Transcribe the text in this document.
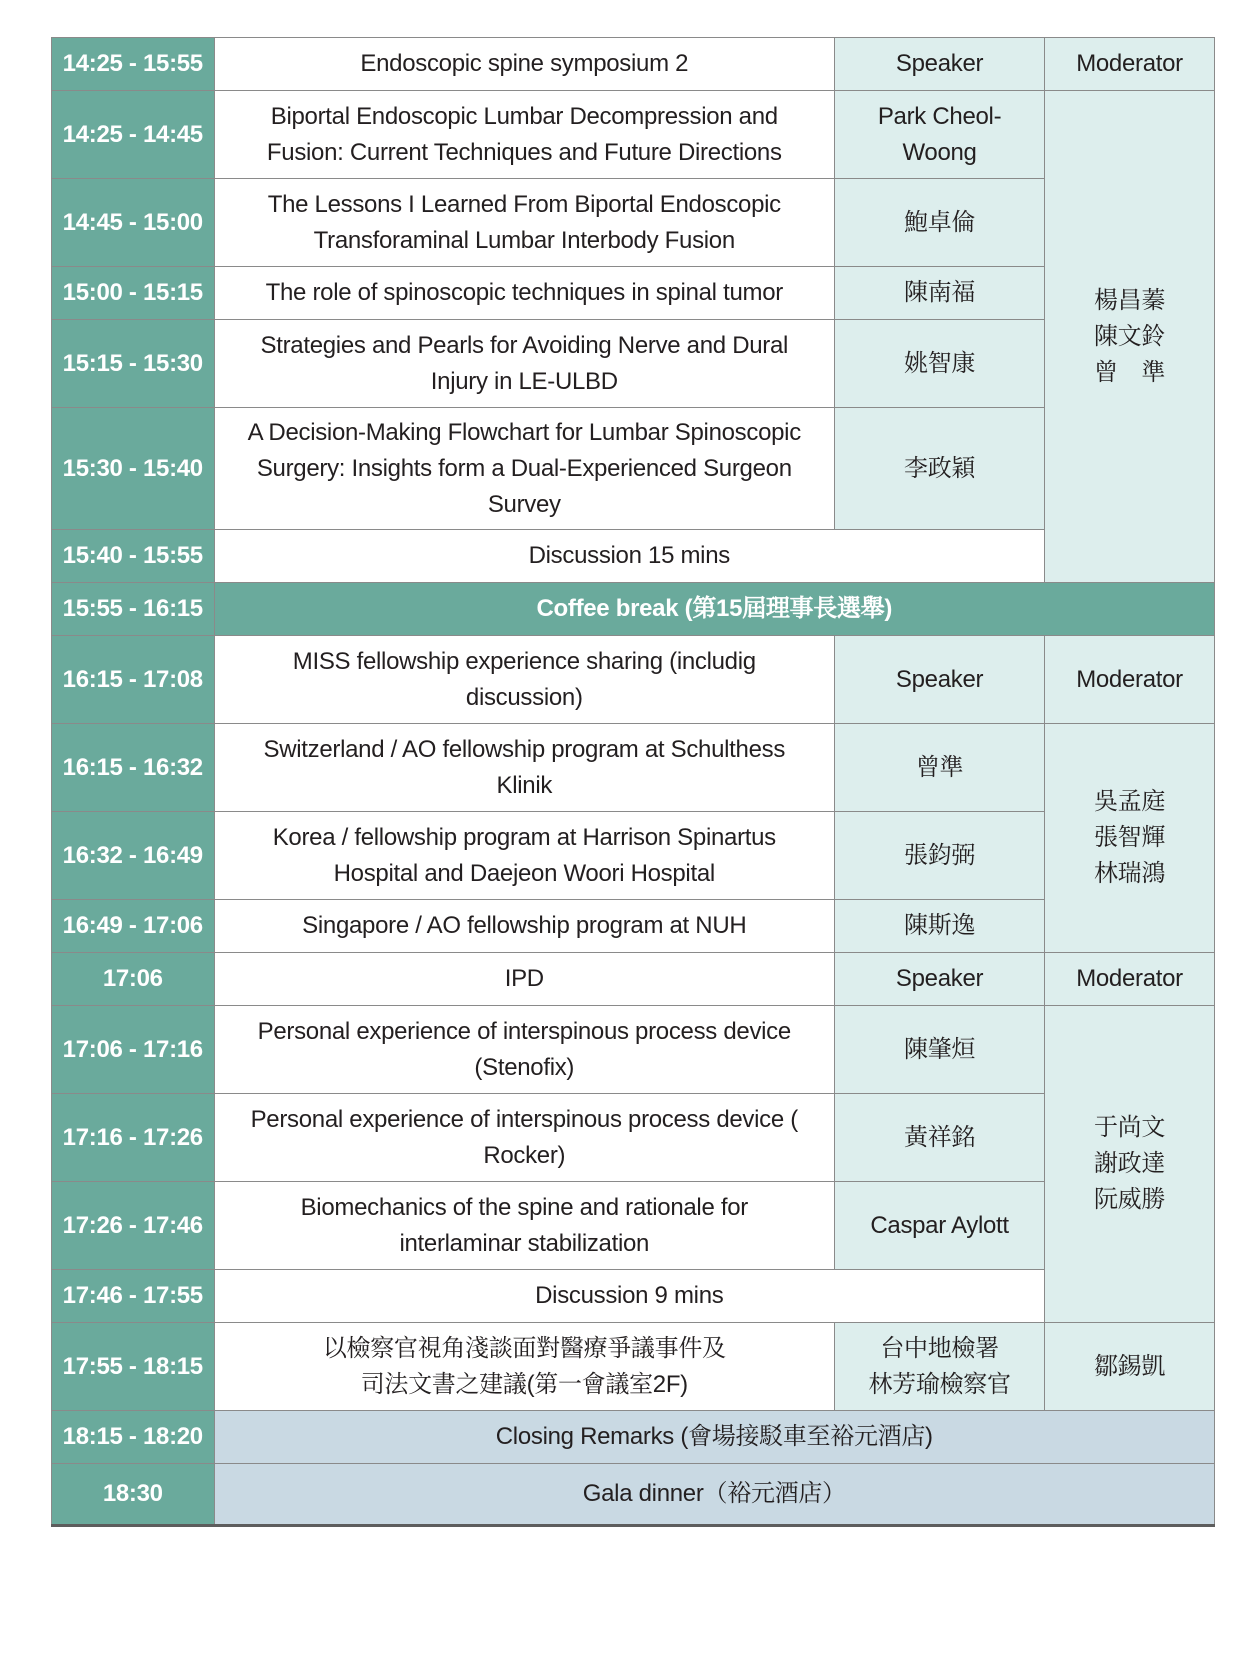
14:25 - 15:55	Endoscopic spine symposium 2	Speaker	Moderator
14:25 - 14:45	Biportal Endoscopic Lumbar Decompression and
Fusion: Current Techniques and Future Directions	Park Cheol-
Woong	楊昌蓁
陳文鈴
曾　準
14:45 - 15:00	The Lessons I Learned From Biportal Endoscopic
Transforaminal Lumbar Interbody Fusion	鮑卓倫	
15:00 - 15:15	The role of spinoscopic techniques in spinal tumor	陳南福	
15:15 - 15:30	Strategies and Pearls for Avoiding Nerve and Dural
Injury in LE-ULBD	姚智康	
15:30 - 15:40	A Decision-Making Flowchart for Lumbar Spinoscopic
Surgery: Insights form a Dual-Experienced Surgeon
Survey	李政穎	
15:40 - 15:55	Discussion 15 mins		
15:55 - 16:15	Coffee break (第15屆理事長選舉)		
16:15 - 17:08	MISS fellowship experience sharing (includig
discussion)	Speaker	Moderator
16:15 - 16:32	Switzerland / AO fellowship program at Schulthess
Klinik	曾準	吳孟庭
張智輝
林瑞鴻
16:32 - 16:49	Korea / fellowship program at Harrison Spinartus
Hospital and Daejeon Woori Hospital	張鈞弼	
16:49 - 17:06	Singapore / AO fellowship program at NUH	陳斯逸	
17:06	IPD	Speaker	Moderator
17:06 - 17:16	Personal experience of interspinous process device
(Stenofix)	陳肇烜	于尚文
謝政達
阮威勝
17:16 - 17:26	Personal experience of interspinous process device (
Rocker)	黃祥銘	
17:26 - 17:46	Biomechanics of the spine and rationale for
interlaminar stabilization	Caspar Aylott	
17:46 - 17:55	Discussion 9 mins		
17:55 - 18:15	以檢察官視角淺談面對醫療爭議事件及
司法文書之建議(第一會議室2F)	台中地檢署
林芳瑜檢察官	鄒錫凱
18:15 - 18:20	Closing Remarks (會場接駁車至裕元酒店)		
18:30	Gala dinner（裕元酒店）		
